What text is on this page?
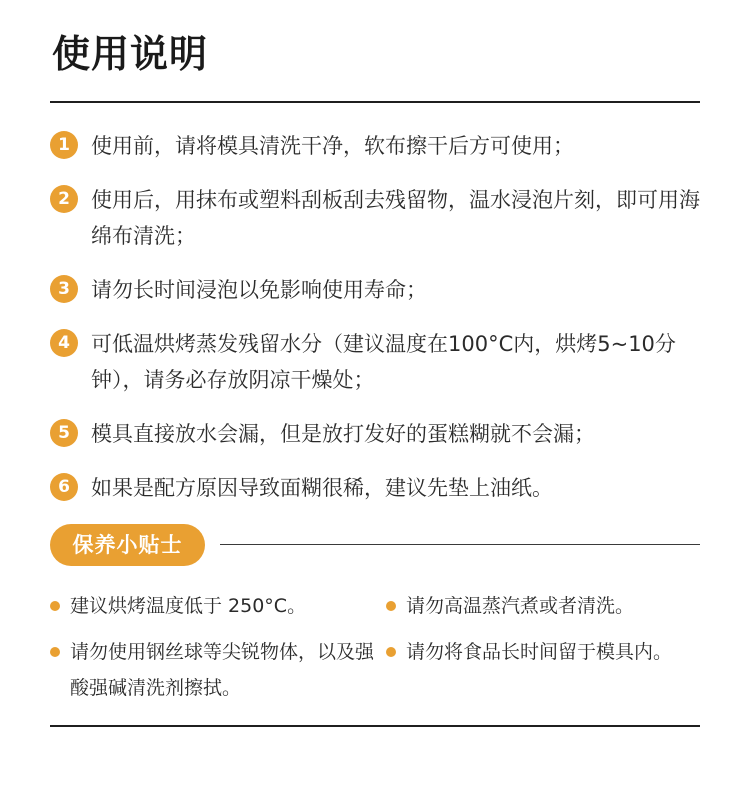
使用说明
1	使用前，请将模具清洗干净，软布擦干后方可使用；
2	使用后，用抹布或塑料刮板刮去残留物，温水浸泡片刻，即可用海绵布清洗；
3	请勿长时间浸泡以免影响使用寿命；
4	可低温烘烤蒸发残留水分（建议温度在100°C内，烘烤5~10分钟），请务必存放阴凉干燥处；
5	模具直接放水会漏，但是放打发好的蛋糕糊就不会漏；
6	如果是配方原因导致面糊很稀，建议先垫上油纸。
保养小贴士
建议烘烤温度低于 250°C。	请勿高温蒸汽煮或者清洗。
请勿使用钢丝球等尖锐物体，以及强酸强碱清洗剂擦拭。
请勿将食品长时间留于模具内。
